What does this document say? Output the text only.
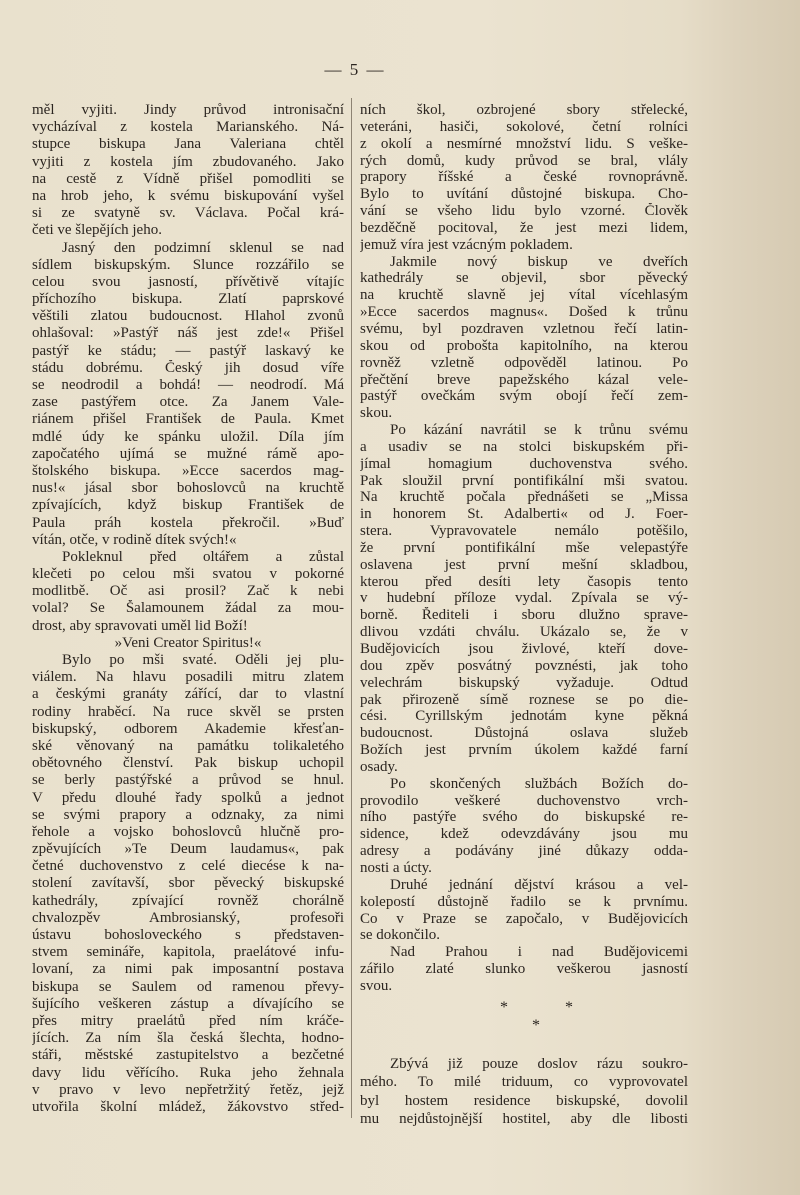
— 5 —
měl vyjiti. Jindy průvod intronisační
vycházíval z kostela Marianského. Ná-
stupce biskupa Jana Valeriana chtěl
vyjiti z kostela jím zbudovaného. Jako
na cestě z Vídně přišel pomodliti se
na hrob jeho, k svému biskupování vyšel
si ze svatyně sv. Václava. Počal krá-
četi ve šlepějích jeho.
Jasný den podzimní sklenul se nad
sídlem biskupským. Slunce rozzářilo se
celou svou jasností, přívětivě vítajíc
příchozího biskupa. Zlatí paprskové
věštili zlatou budoucnost. Hlahol zvonů
ohlašoval: »Pastýř náš jest zde!« Přišel
pastýř ke stádu; — pastýř laskavý ke
stádu dobrému. Český jih dosud víře
se neodrodil a bohdá! — neodrodí. Má
zase pastýřem otce. Za Janem Vale-
riánem přišel František de Paula. Kmet
mdlé údy ke spánku uložil. Díla jím
započatého ujímá se mužné rámě apo-
štolského biskupa. »Ecce sacerdos mag-
nus!« jásal sbor bohoslovců na kruchtě
zpívajících, když biskup František de
Paula práh kostela překročil. »Buď
vítán, otče, v rodině dítek svých!«
Pokleknul před oltářem a zůstal
klečeti po celou mši svatou v pokorné
modlitbě. Oč asi prosil? Zač k nebi
volal? Se Šalamounem žádal za mou-
drost, aby spravovati uměl lid Boží!
»Veni Creator Spiritus!«
Bylo po mši svaté. Oděli jej plu-
viálem. Na hlavu posadili mitru zlatem
a českými granáty zářící, dar to vlastní
rodiny hraběcí. Na ruce skvěl se prsten
biskupský, odborem Akademie křesťan-
ské věnovaný na památku tolikaletého
obětovného členství. Pak biskup uchopil
se berly pastýřské a průvod se hnul.
V předu dlouhé řady spolků a jednot
se svými prapory a odznaky, za nimi
řehole a vojsko bohoslovců hlučně pro-
zpěvujících »Te Deum laudamus«, pak
četné duchovenstvo z celé diecése k na-
stolení zavítavší, sbor pěvecký biskupské
kathedrály, zpívající rovněž chorálně
chvalozpěv Ambrosianský, profesoři
ústavu bohosloveckého s představen-
stvem semináře, kapitola, praelátové infu-
lovaní, za nimi pak imposantní postava
biskupa se Saulem od ramenou převy-
šujícího veškeren zástup a dívajícího se
přes mitry praelátů před ním kráče-
jících. Za ním šla česká šlechta, hodno-
stáři, městské zastupitelstvo a bezčetné
davy lidu věřícího. Ruka jeho žehnala
v pravo v levo nepřetržitý řetěz, jejž
utvořila školní mládež, žákovstvo střed-
ních škol, ozbrojené sbory střelecké,
veteráni, hasiči, sokolové, četní rolníci
z okolí a nesmírné množství lidu. S veške-
rých domů, kudy průvod se bral, vlály
prapory říšské a české rovnoprávně.
Bylo to uvítání důstojné biskupa. Cho-
vání se všeho lidu bylo vzorné. Člověk
bezděčně pocitoval, že jest mezi lidem,
jemuž víra jest vzácným pokladem.
Jakmile nový biskup ve dveřích
kathedrály se objevil, sbor pěvecký
na kruchtě slavně jej vítal vícehlasým
»Ecce sacerdos magnus«. Došed k trůnu
svému, byl pozdraven vzletnou řečí latin-
skou od probošta kapitolního, na kterou
rovněž vzletně odpověděl latinou. Po
přečtění breve papežského kázal vele-
pastýř ovečkám svým obojí řečí zem-
skou.
Po kázání navrátil se k trůnu svému
a usadiv se na stolci biskupském při-
jímal homagium duchovenstva svého.
Pak sloužil první pontifikální mši svatou.
Na kruchtě počala přednášeti se „Missa
in honorem St. Adalberti« od J. Foer-
stera. Vypravovatele nemálo potěšilo,
že první pontifikální mše velepastýře
oslavena jest první mešní skladbou,
kterou před desíti lety časopis tento
v hudební příloze vydal. Zpívala se vý-
borně. Řediteli i sboru dlužno sprave-
dlivou vzdáti chválu. Ukázalo se, že v
Budějovicích jsou živlové, kteří dove-
dou zpěv posvátný povznésti, jak toho
velechrám biskupský vyžaduje. Odtud
pak přirozeně símě roznese se po die-
cési. Cyrillským jednotám kyne pěkná
budoucnost. Důstojná oslava služeb
Božích jest prvním úkolem každé farní
osady.
Po skončených službách Božích do-
provodilo veškeré duchovenstvo vrch-
ního pastýře svého do biskupské re-
sidence, kdež odevzdávány jsou mu
adresy a podávány jiné důkazy odda-
nosti a úcty.
Druhé jednání dějství krásou a vel-
kolepostí důstojně řadilo se k prvnímu.
Co v Praze se započalo, v Budějovicích
se dokončilo.
Nad Prahou i nad Budějovicemi
zářilo zlaté slunko veškerou jasností
svou.
*	*
*
Zbývá již pouze doslov rázu soukro-
mého. To milé triduum, co vyprovovatel
byl hostem residence biskupské, dovolil
mu nejdůstojnější hostitel, aby dle libosti
